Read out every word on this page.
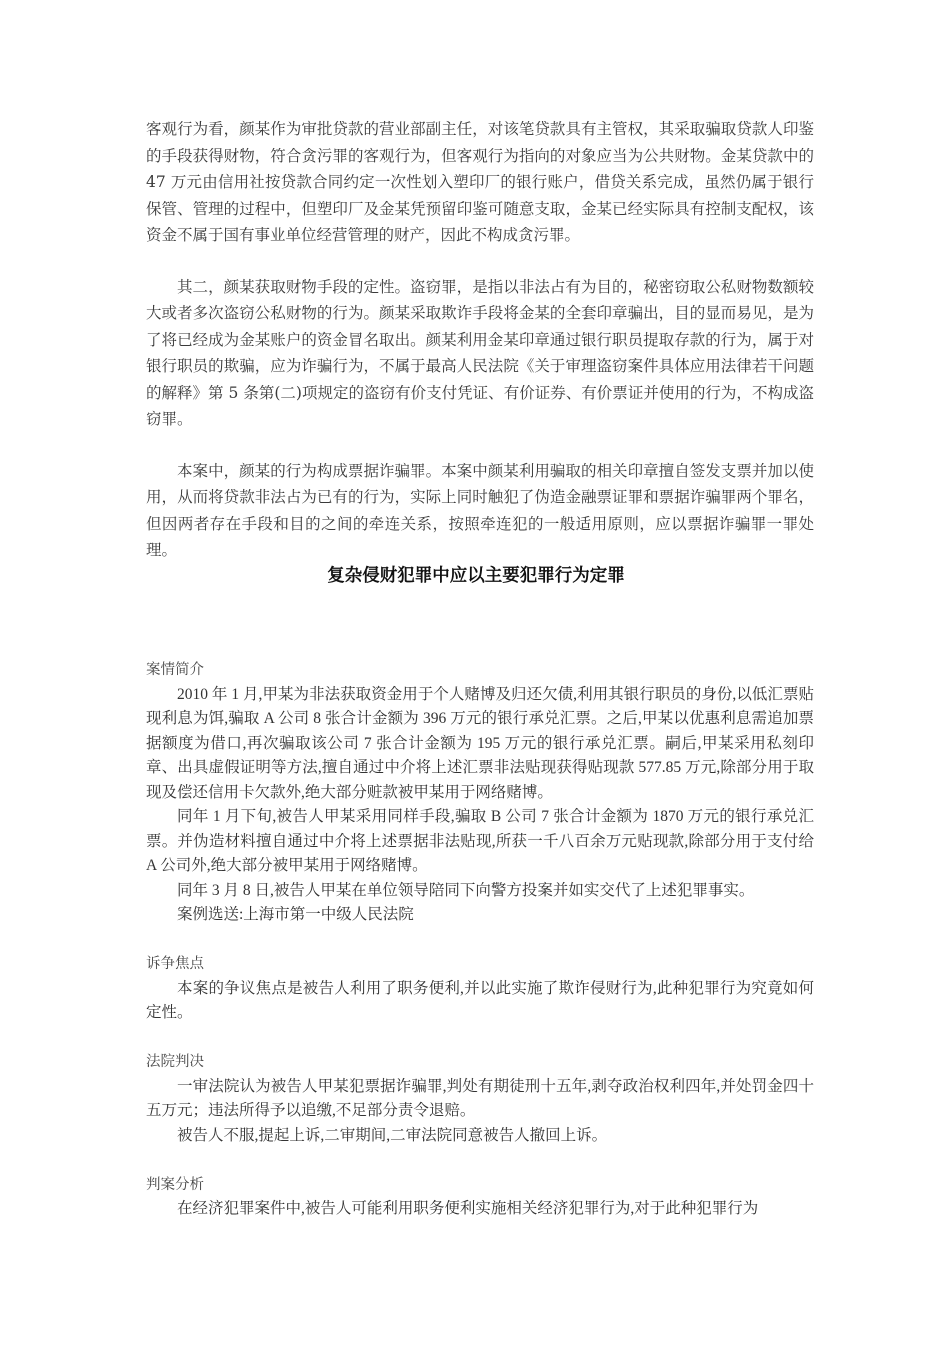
客观行为看，颜某作为审批贷款的营业部副主任，对该笔贷款具有主管权，其采取骗取贷款人印鉴的手段获得财物，符合贪污罪的客观行为，但客观行为指向的对象应当为公共财物。金某贷款中的 47 万元由信用社按贷款合同约定一次性划入塑印厂的银行账户，借贷关系完成，虽然仍属于银行保管、管理的过程中，但塑印厂及金某凭预留印鉴可随意支取，金某已经实际具有控制支配权，该资金不属于国有事业单位经营管理的财产，因此不构成贪污罪。

其二，颜某获取财物手段的定性。盗窃罪，是指以非法占有为目的，秘密窃取公私财物数额较大或者多次盗窃公私财物的行为。颜某采取欺诈手段将金某的全套印章骗出，目的显而易见，是为了将已经成为金某账户的资金冒名取出。颜某利用金某印章通过银行职员提取存款的行为，属于对银行职员的欺骗，应为诈骗行为，不属于最高人民法院《关于审理盗窃案件具体应用法律若干问题的解释》第 5 条第(二)项规定的盗窃有价支付凭证、有价证券、有价票证并使用的行为，不构成盗窃罪。

本案中，颜某的行为构成票据诈骗罪。本案中颜某利用骗取的相关印章擅自签发支票并加以使用，从而将贷款非法占为已有的行为，实际上同时触犯了伪造金融票证罪和票据诈骗罪两个罪名，但因两者存在手段和目的之间的牵连关系，按照牵连犯的一般适用原则，应以票据诈骗罪一罪处理。

复杂侵财犯罪中应以主要犯罪行为定罪

案情简介

2010 年 1 月,甲某为非法获取资金用于个人赌博及归还欠债,利用其银行职员的身份,以低汇票贴现利息为饵,骗取 A 公司 8 张合计金额为 396 万元的银行承兑汇票。之后,甲某以优惠利息需追加票据额度为借口,再次骗取该公司 7 张合计金额为 195 万元的银行承兑汇票。嗣后,甲某采用私刻印章、出具虚假证明等方法,擅自通过中介将上述汇票非法贴现获得贴现款 577.85 万元,除部分用于取现及偿还信用卡欠款外,绝大部分赃款被甲某用于网络赌博。

同年 1 月下旬,被告人甲某采用同样手段,骗取 B 公司 7 张合计金额为 1870 万元的银行承兑汇票。并伪造材料擅自通过中介将上述票据非法贴现,所获一千八百余万元贴现款,除部分用于支付给 A 公司外,绝大部分被甲某用于网络赌博。

同年 3 月 8 日,被告人甲某在单位领导陪同下向警方投案并如实交代了上述犯罪事实。

案例选送:上海市第一中级人民法院

诉争焦点

本案的争议焦点是被告人利用了职务便利,并以此实施了欺诈侵财行为,此种犯罪行为究竟如何定性。

法院判决

一审法院认为被告人甲某犯票据诈骗罪,判处有期徒刑十五年,剥夺政治权利四年,并处罚金四十五万元；违法所得予以追缴,不足部分责令退赔。

被告人不服,提起上诉,二审期间,二审法院同意被告人撤回上诉。

判案分析

在经济犯罪案件中,被告人可能利用职务便利实施相关经济犯罪行为,对于此种犯罪行为
